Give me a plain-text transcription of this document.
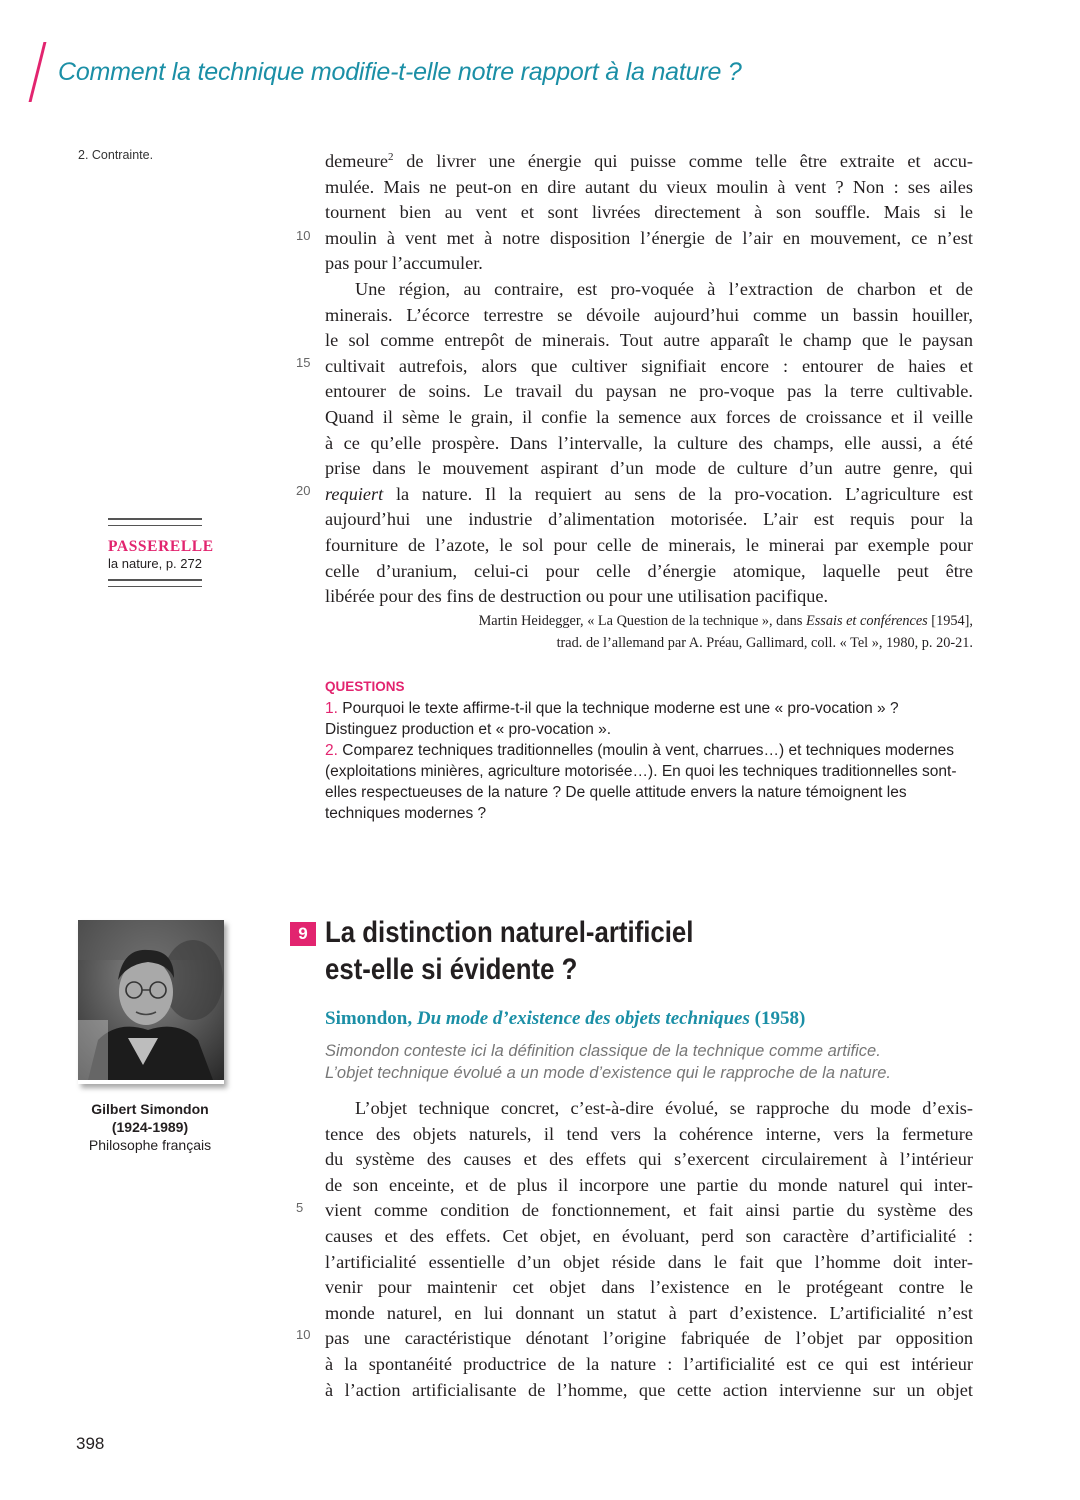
Comment la technique modifie-t-elle notre rapport à la nature ?
2. Contrainte.	demeure$^2$ de livrer une énergie qui puisse comme telle être extraite et accu-
mulée. Mais ne peut-on en dire autant du vieux moulin à vent ? Non : ses ailes
tournent bien au vent et sont livrées directement à son souffle. Mais si le
moulin à vent met à notre disposition l’énergie de l’air en mouvement, ce n’est
pas pour l’accumuler.
Une région, au contraire, est pro-voquée à l’extraction de charbon et de
minerais. L’écorce terrestre se dévoile aujourd’hui comme un bassin houiller,
le sol comme entrepôt de minerais. Tout autre apparaît le champ que le paysan
cultivait autrefois, alors que cultiver signifiait encore : entourer de haies et
entourer de soins. Le travail du paysan ne pro-voque pas la terre cultivable.
Quand il sème le grain, il confie la semence aux forces de croissance et il veille
à ce qu’elle prospère. Dans l’intervalle, la culture des champs, elle aussi, a été
prise dans le mouvement aspirant d’un mode de culture d’un autre genre, qui
requiert la nature. Il la requiert au sens de la pro-vocation. L’agriculture est
aujourd’hui une industrie d’alimentation motorisée. L’air est requis pour la
fourniture de l’azote, le sol pour celle de minerais, le minerai par exemple pour
celle d’uranium, celui-ci pour celle d’énergie atomique, laquelle peut être
libérée pour des fins de destruction ou pour une utilisation pacifique.
10
15
20
PASSERELLE
la nature, p. 272
Martin Heidegger, « La Question de la technique », dans Essais et conférences [1954],
trad. de l’allemand par A. Préau, Gallimard, coll. « Tel », 1980, p. 20-21.
QUESTIONS
1. Pourquoi le texte affirme-t-il que la technique moderne est une « pro-vocation » ? Distinguez production et « pro-vocation ».
2. Comparez techniques traditionnelles (moulin à vent, charrues…) et techniques modernes (exploitations minières, agriculture motorisée…). En quoi les techniques traditionnelles sont-elles respectueuses de la nature ? De quelle attitude envers la nature témoignent les techniques modernes ?
Gilbert Simondon
(1924-1989)
Philosophe français
9 La distinction naturel-artificiel
est-elle si évidente ?
Simondon, Du mode d’existence des objets techniques (1958)
Simondon conteste ici la définition classique de la technique comme artifice. L’objet technique évolué a un mode d’existence qui le rapproche de la nature.
L’objet technique concret, c’est-à-dire évolué, se rapproche du mode d’exis-
tence des objets naturels, il tend vers la cohérence interne, vers la fermeture
du système des causes et des effets qui s’exercent circulairement à l’intérieur
de son enceinte, et de plus il incorpore une partie du monde naturel qui inter-
vient comme condition de fonctionnement, et fait ainsi partie du système des
causes et des effets. Cet objet, en évoluant, perd son caractère d’artificialité :
l’artificialité essentielle d’un objet réside dans le fait que l’homme doit inter-
venir pour maintenir cet objet dans l’existence en le protégeant contre le
monde naturel, en lui donnant un statut à part d’existence. L’artificialité n’est
pas une caractéristique dénotant l’origine fabriquée de l’objet par opposition
à la spontanéité productrice de la nature : l’artificialité est ce qui est intérieur
à l’action artificialisante de l’homme, que cette action intervienne sur un objet
5
10
398
